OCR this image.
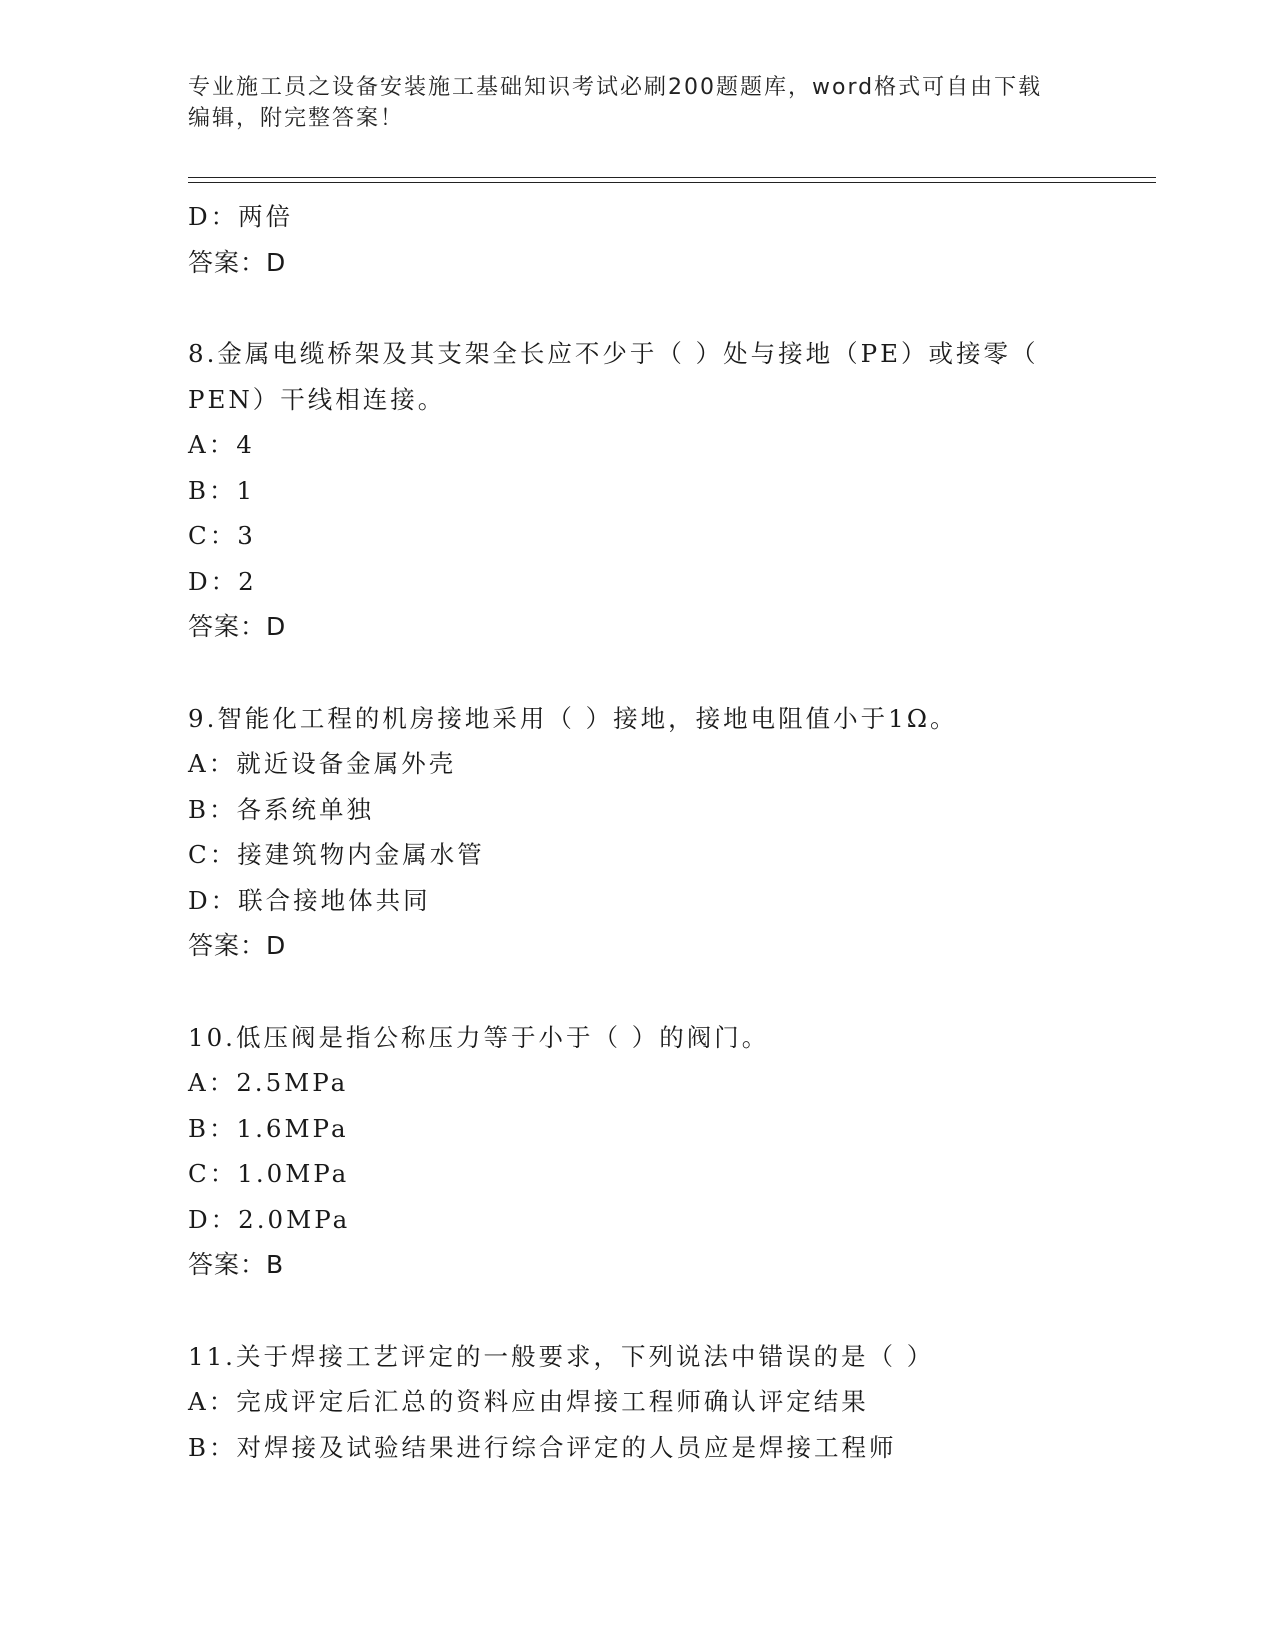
专业施工员之设备安装施工基础知识考试必刷200题题库，word格式可自由下载
编辑，附完整答案！
D：两倍
答案：D
8.金属电缆桥架及其支架全长应不少于（ ）处与接地（PE）或接零（
PEN）干线相连接。
A：4
B：1
C：3
D：2
答案：D
9.智能化工程的机房接地采用（ ）接地，接地电阻值小于1Ω。
A：就近设备金属外壳
B：各系统单独
C：接建筑物内金属水管
D：联合接地体共同
答案：D
10.低压阀是指公称压力等于小于（ ）的阀门。
A：2.5MPa
B：1.6MPa
C：1.0MPa
D：2.0MPa
答案：B
11.关于焊接工艺评定的一般要求，下列说法中错误的是（ ）
A：完成评定后汇总的资料应由焊接工程师确认评定结果
B：对焊接及试验结果进行综合评定的人员应是焊接工程师
